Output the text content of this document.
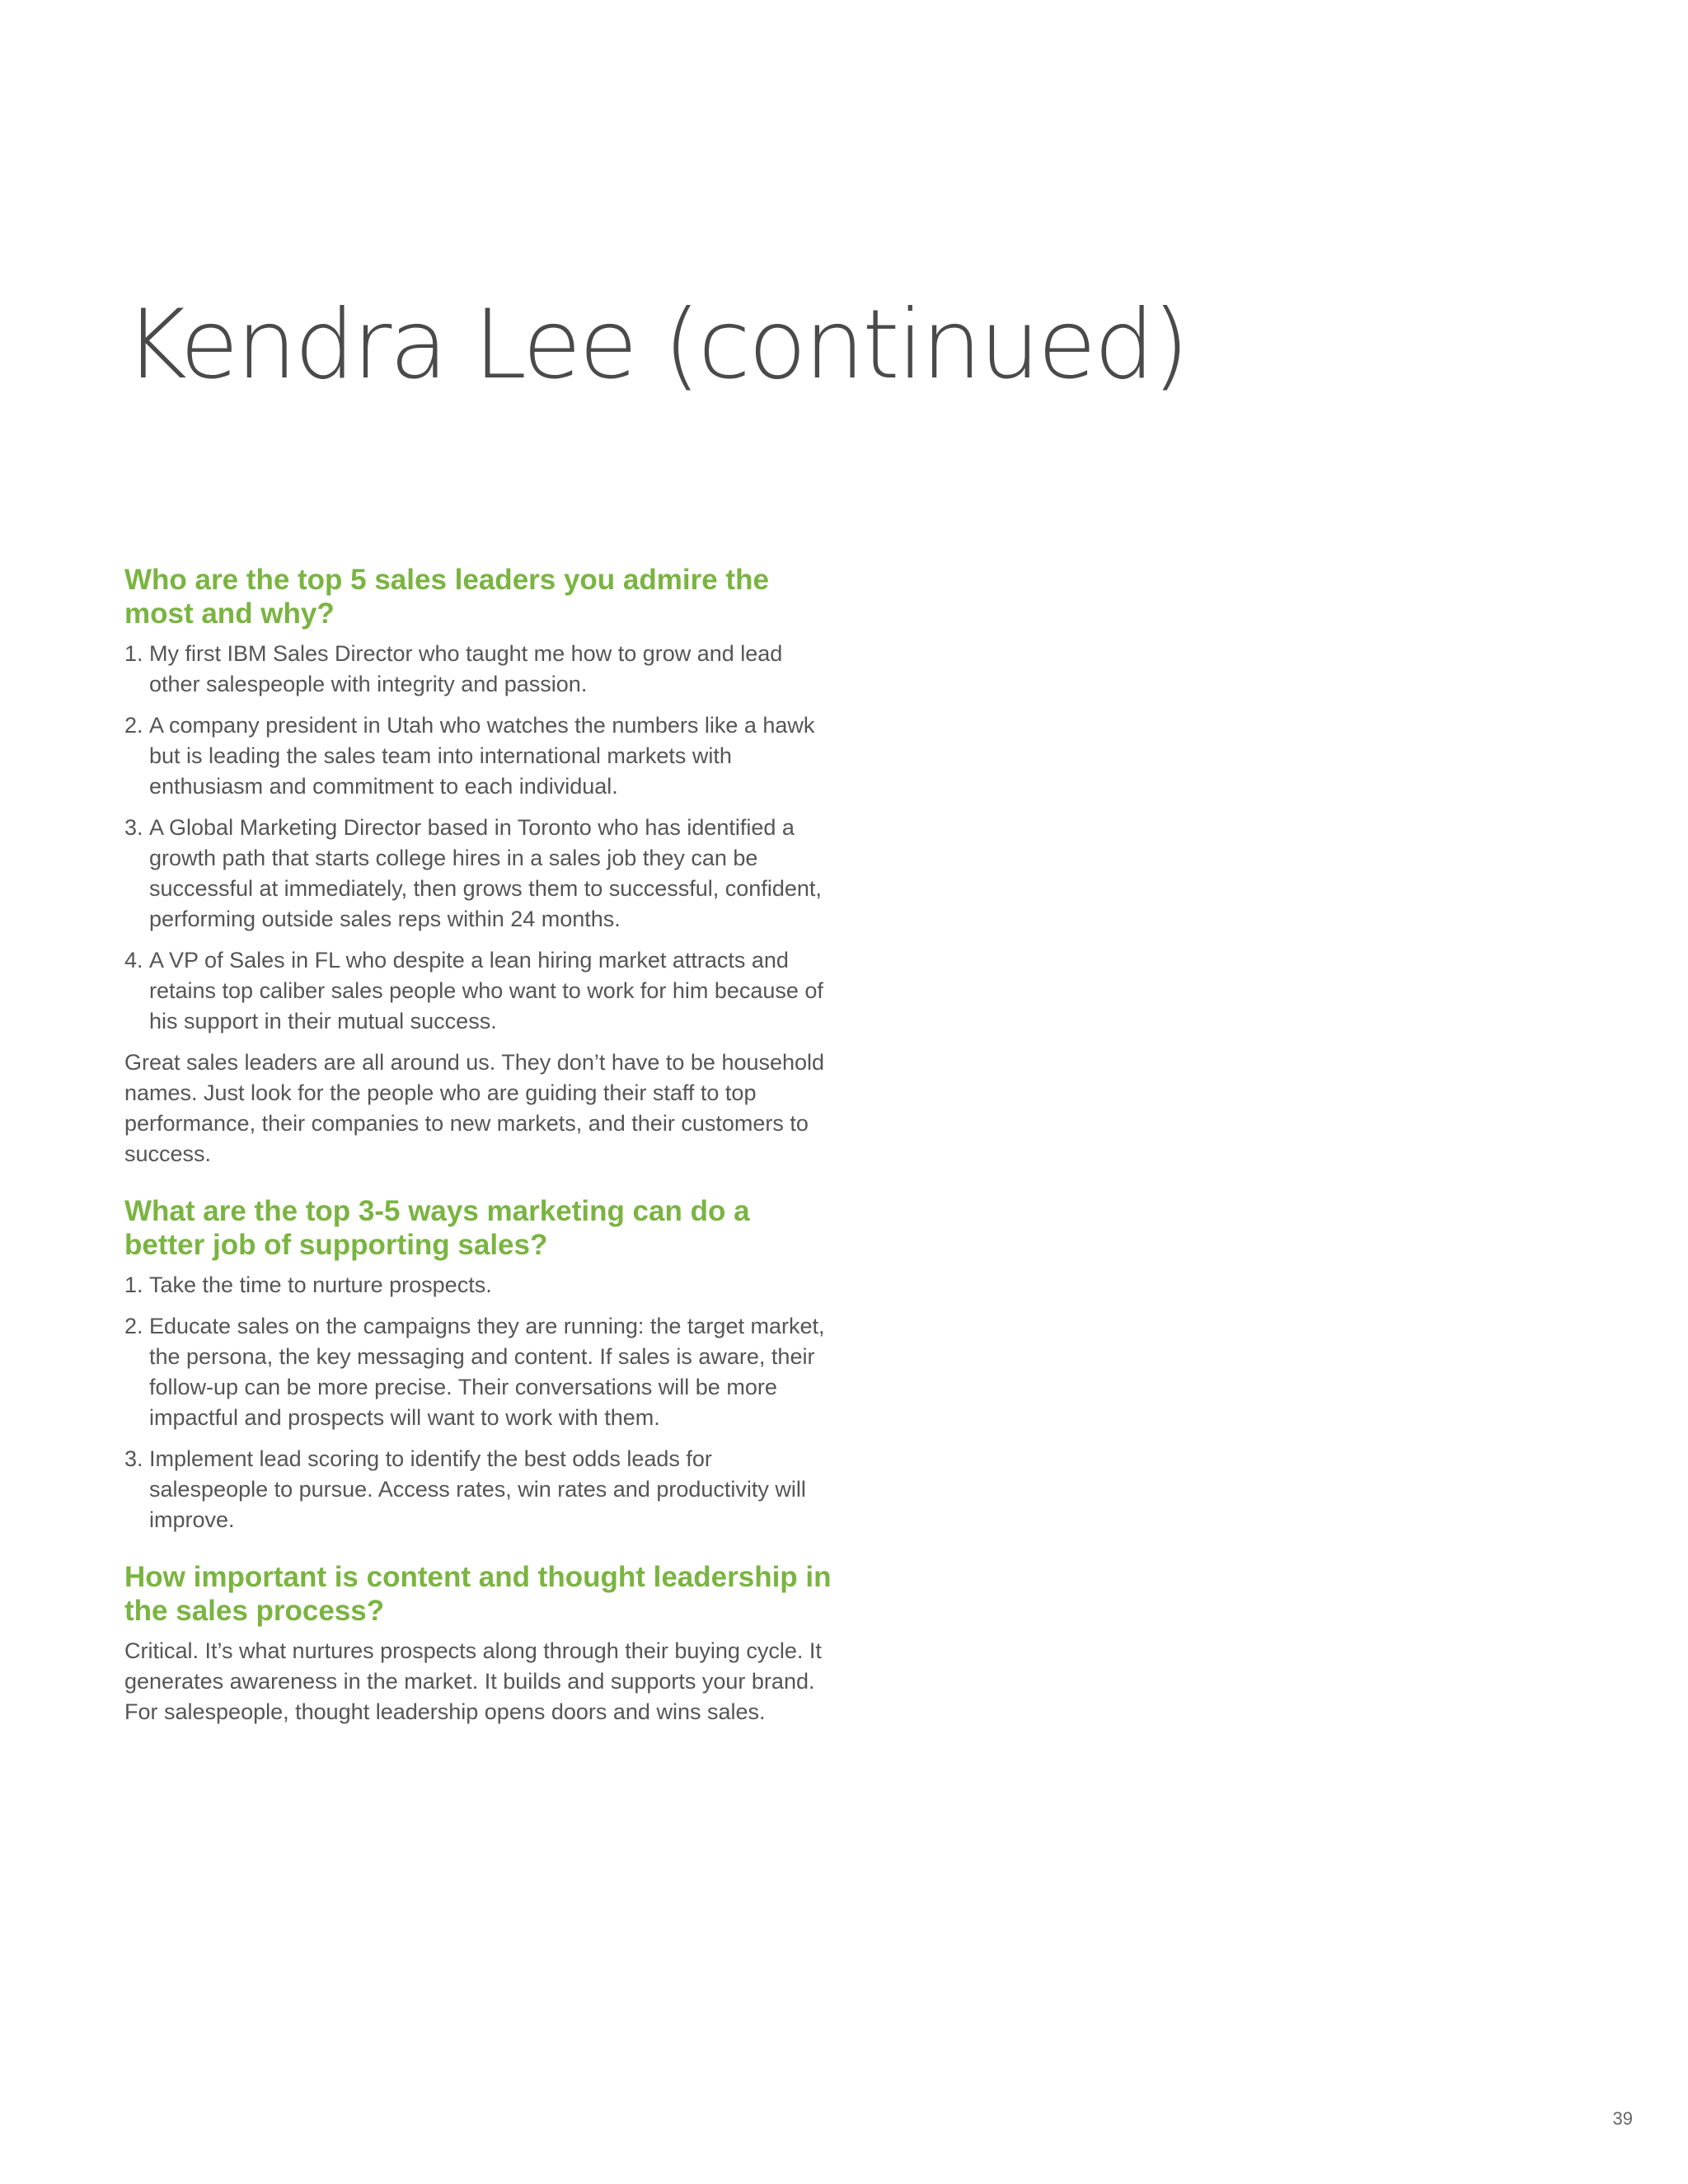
Kendra Lee (continued)
Who are the top 5 sales leaders you admire the most and why?
1. My first IBM Sales Director who taught me how to grow and lead other salespeople with integrity and passion.
2. A company president in Utah who watches the numbers like a hawk but is leading the sales team into international markets with enthusiasm and commitment to each individual.
3. A Global Marketing Director based in Toronto who has identified a growth path that starts college hires in a sales job they can be successful at immediately, then grows them to successful, confident, performing outside sales reps within 24 months.
4. A VP of Sales in FL who despite a lean hiring market attracts and retains top caliber sales people who want to work for him because of his support in their mutual success.

Great sales leaders are all around us. They don’t have to be household names. Just look for the people who are guiding their staff to top performance, their companies to new markets, and their customers to success.

What are the top 3-5 ways marketing can do a better job of supporting sales?
1. Take the time to nurture prospects.
2. Educate sales on the campaigns they are running: the target market, the persona, the key messaging and content. If sales is aware, their follow-up can be more precise. Their conversations will be more impactful and prospects will want to work with them.
3. Implement lead scoring to identify the best odds leads for salespeople to pursue. Access rates, win rates and productivity will improve.
How important is content and thought leadership in the sales process?

Critical. It’s what nurtures prospects along through their buying cycle. It generates awareness in the market. It builds and supports your brand. For salespeople, thought leadership opens doors and wins sales.

39
